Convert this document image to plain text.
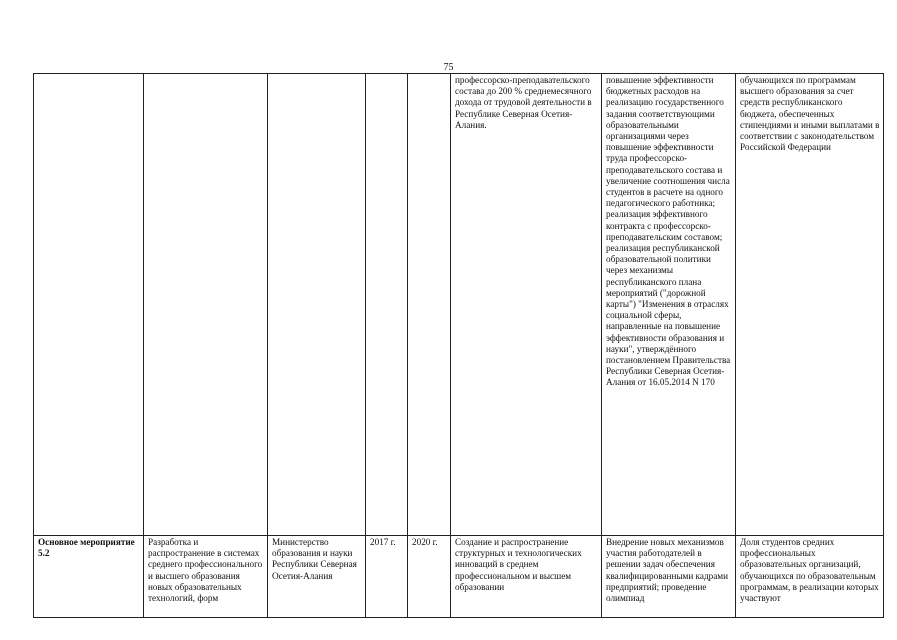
75

					профессорско-преподавательского состава до 200 % среднемесячного дохода от трудовой деятельности в Республике Северная Осетия-Алания.	повышение эффективности бюджетных расходов на реализацию государственного задания соответствующими образовательными организациями через повышение эффективности труда профессорско-преподавательского состава и увеличение соотношения числа студентов в расчете на одного педагогического работника; реализация эффективного контракта с профессорско-преподавательским составом; реализация республиканской образовательной политики через механизмы республиканского плана мероприятий ("дорожной карты") "Изменения в отраслях социальной сферы, направленные на повышение эффективности образования и науки", утверждённого постановлением Правительства Республики Северная Осетия-Алания от 16.05.2014 N 170	обучающихся по программам высшего образования за счет средств республиканского бюджета, обеспеченных стипендиями и иными выплатами в соответствии с законодательством Российской Федерации

Основное мероприятие 5.2	Разработка и распространение в системах среднего профессионального и высшего образования новых образовательных технологий, форм	Министерство образования и науки Республики Северная Осетия-Алания	2017 г.	2020 г.	Создание и распространение структурных и технологических инноваций в среднем профессиональном и высшем образовании	Внедрение новых механизмов участия работодателей в решении задач обеспечения квалифицированными кадрами предприятий; проведение олимпиад	Доля студентов средних профессиональных образовательных организаций, обучающихся по образовательным программам, в реализации которых участвуют
